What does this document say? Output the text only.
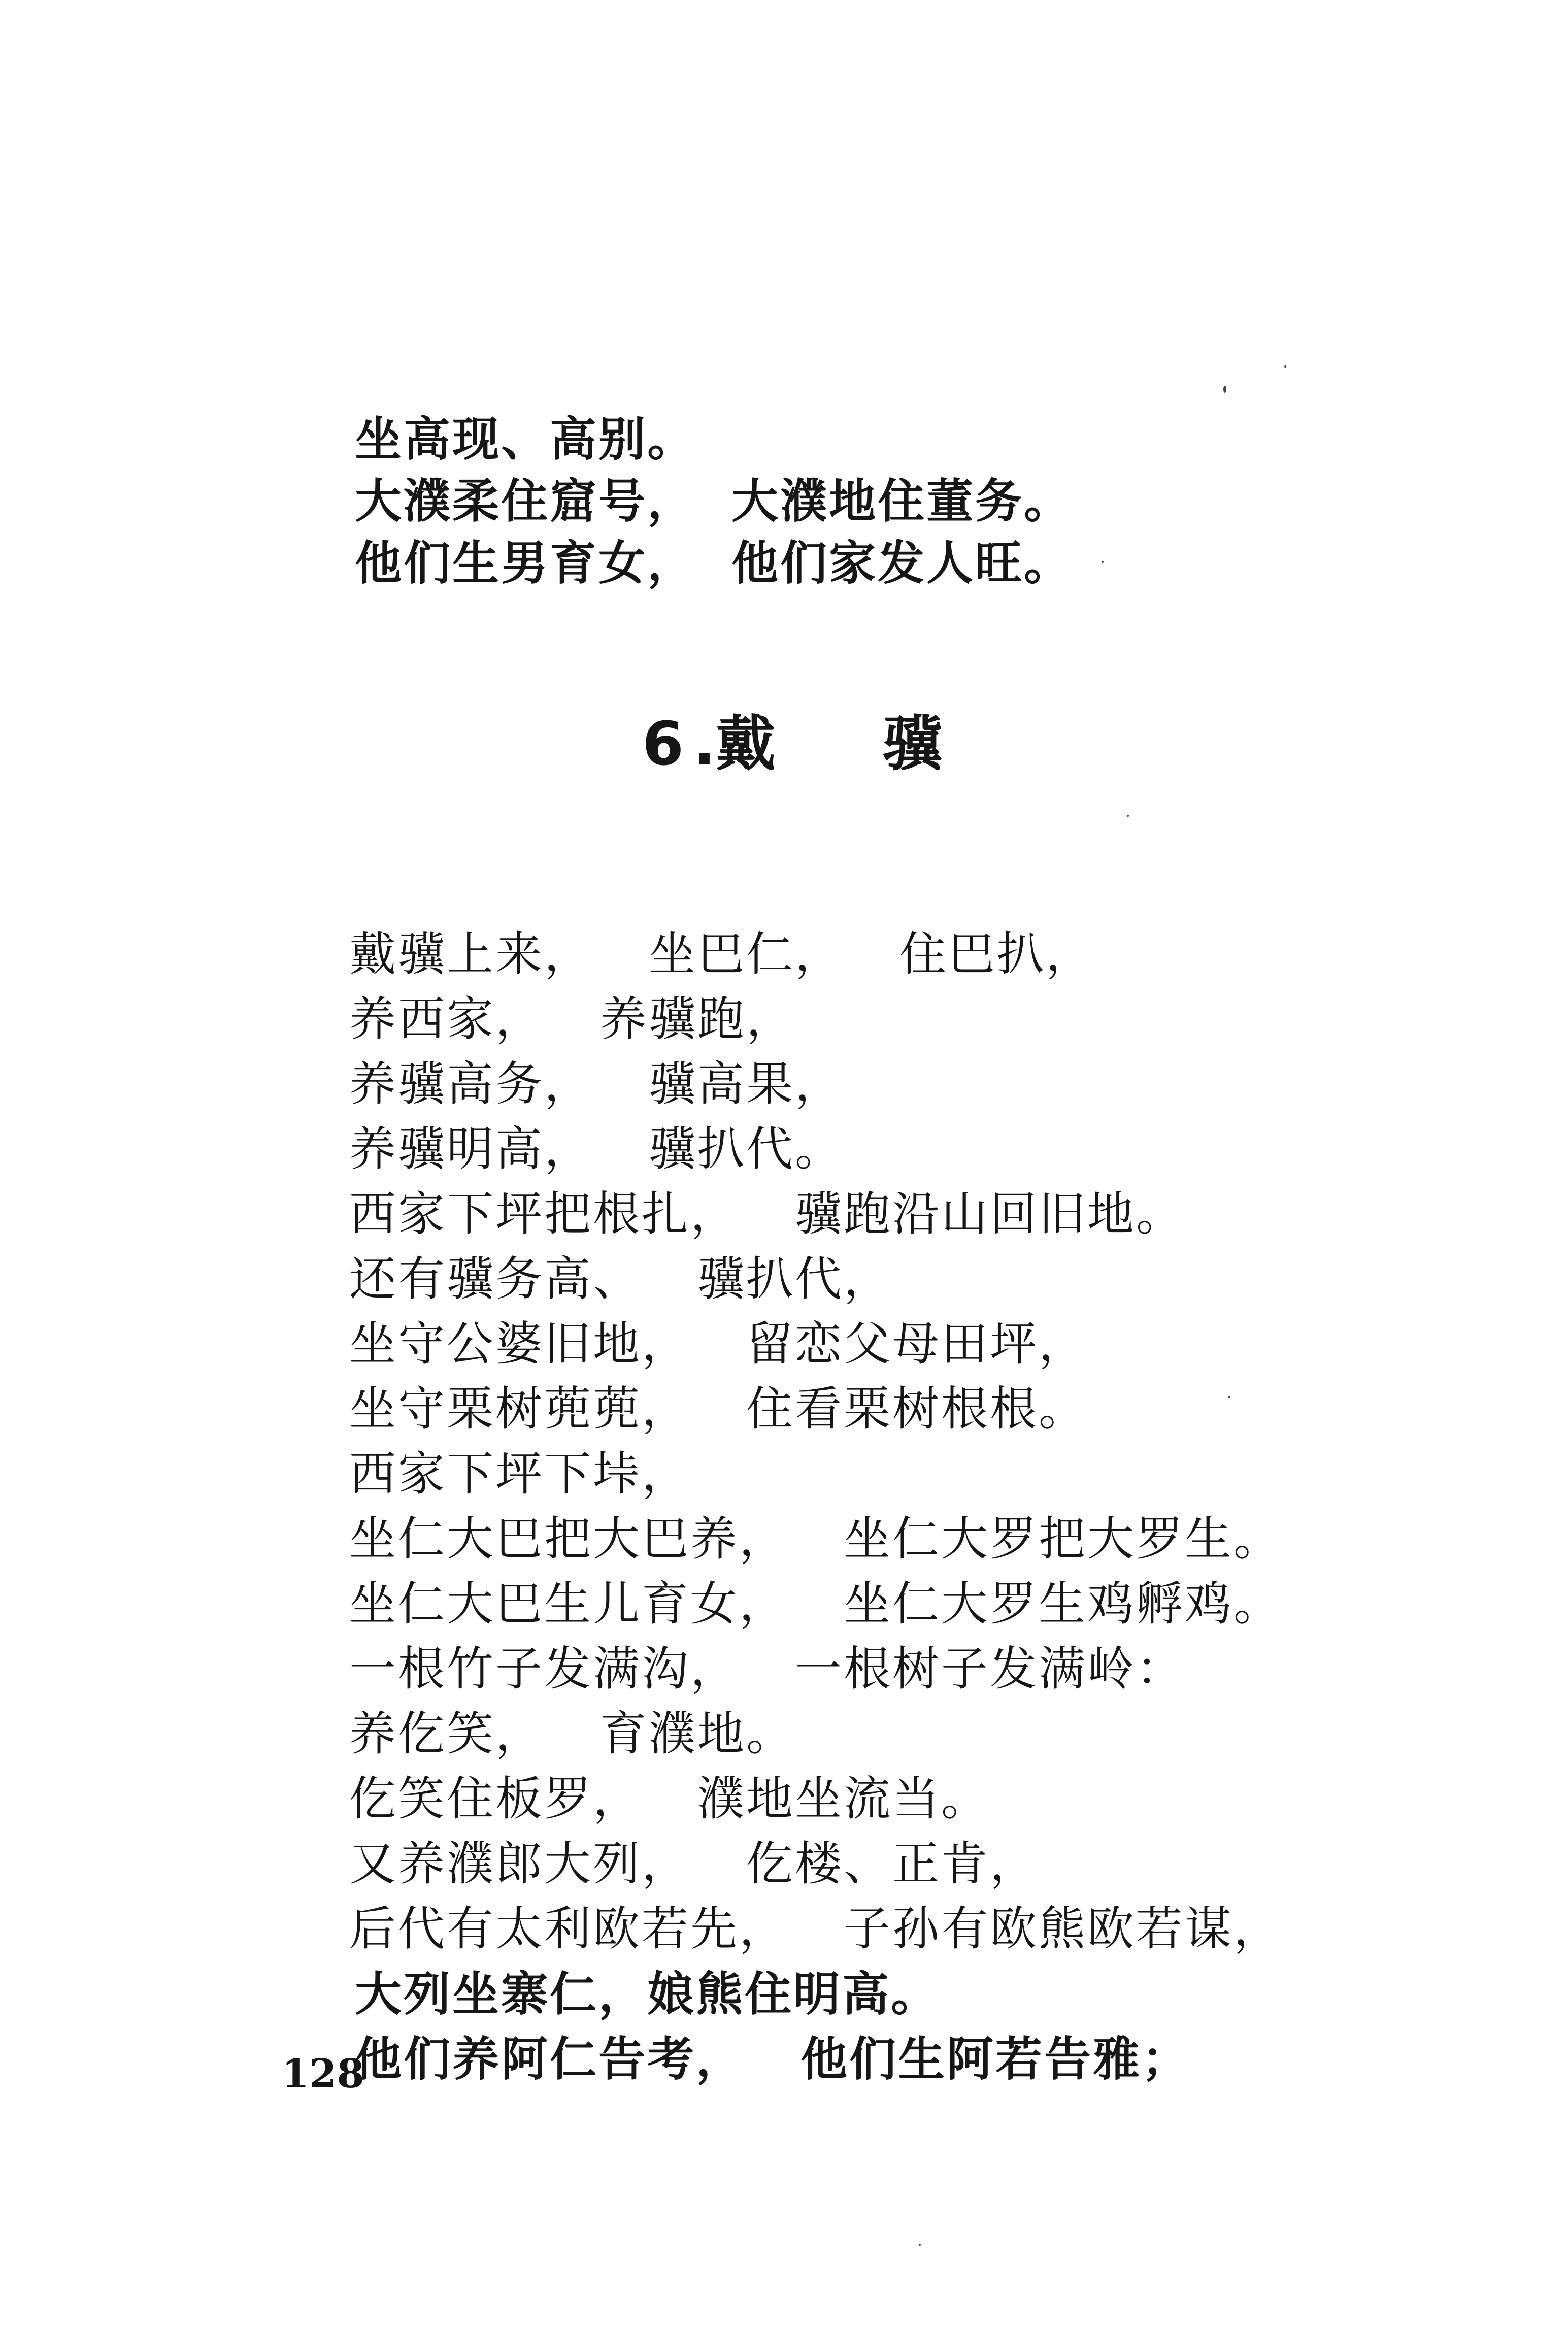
坐高现、高别。

大濮柔住窟号， 大濮地住董务。

他们生男育女， 他们家发人旺。

6 .戴 骥

戴骥上来， 坐巴仁， 住巴扒，

养西家， 养骥跑，

养骥高务， 骥高果，

养骥明高， 骥扒代。

西家下坪把根扎， 骥跑沿山回旧地。

还有骥务高、 骥扒代，

坐守公婆旧地， 留恋父母田坪，

坐守栗树蔸蔸， 住看栗树根根。

西家下坪下垰，

坐仁大巴把大巴养， 坐仁大罗把大罗生。

坐仁大巴生儿育女， 坐仁大罗生鸡孵鸡。

一根竹子发满沟， 一根树子发满岭：

养仡笑， 育濮地。

仡笑住板罗， 濮地坐流当。

又养濮郎大列， 仡楼、正肯，

后代有太利欧若先， 子孙有欧熊欧若谋，

大列坐寨仁，娘熊住明高。

他们养阿仁告考， 他们生阿若告雅；

128
